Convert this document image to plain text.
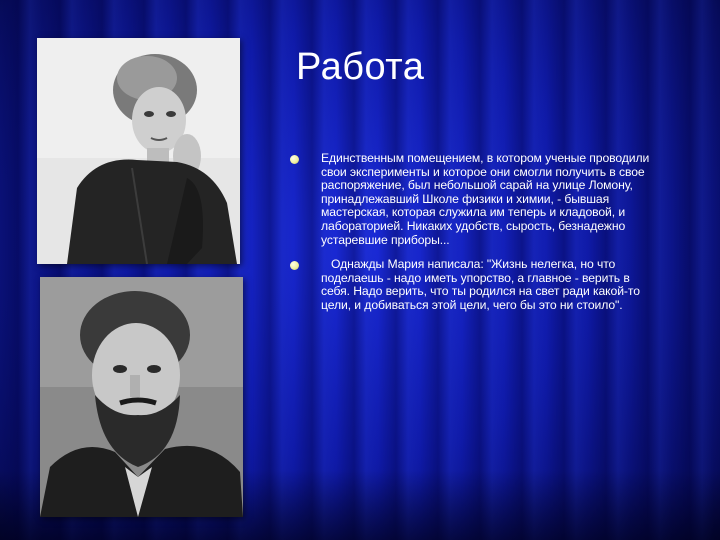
Работа
Единственным помещением, в котором ученые проводили свои эксперименты и которое они смогли получить в свое распоряжение, был небольшой сарай на улице Ломону, принадлежавший Школе физики и химии, - бывшая мастерская, которая служила им теперь и кладовой, и лабораторией. Никаких удобств, сырость, безнадежно устаревшие приборы...
Однажды Мария написала: "Жизнь нелегка, но что поделаешь - надо иметь упорство, а главное - верить в себя. Надо верить, что ты родился на свет ради какой-то цели, и добиваться этой цели, чего бы это ни стоило".
